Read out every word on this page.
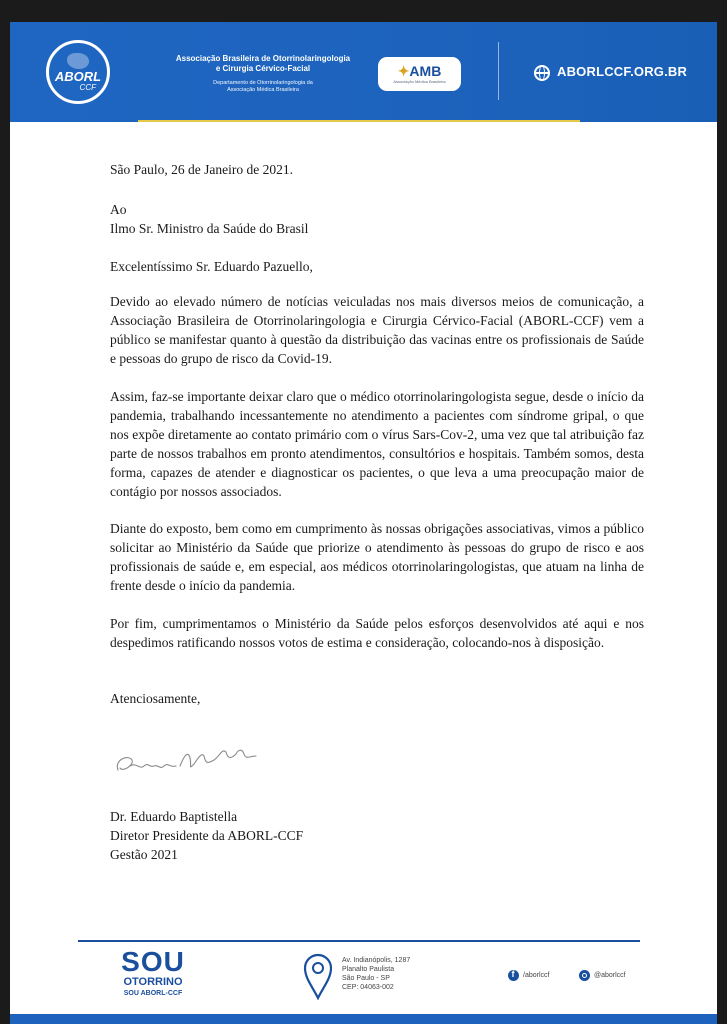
ABORL
CCF
Associação Brasileira de Otorrinolaringologia
e Cirurgia Cérvico-Facial
Departamento de Otorrinolaringologia da
Associação Médica Brasileira
✦AMB
Associação Médica Brasileira
ABORLCCF.ORG.BR
São Paulo, 26 de Janeiro de 2021.
Ao
Ilmo Sr. Ministro da Saúde do Brasil
Excelentíssimo Sr. Eduardo Pazuello,
Devido ao elevado número de notícias veiculadas nos mais diversos meios de comunicação, a Associação Brasileira de Otorrinolaringologia e Cirurgia Cérvico-Facial (ABORL-CCF) vem a público se manifestar quanto à questão da distribuição das vacinas entre os profissionais de Saúde e pessoas do grupo de risco da Covid-19.
Assim, faz-se importante deixar claro que o médico otorrinolaringologista segue, desde o início da pandemia, trabalhando incessantemente no atendimento a pacientes com síndrome gripal, o que nos expõe diretamente ao contato primário com o vírus Sars-Cov-2, uma vez que tal atribuição faz parte de nossos trabalhos em pronto atendimentos, consultórios e hospitais. Também somos, desta forma, capazes de atender e diagnosticar os pacientes, o que leva a uma preocupação maior de contágio por nossos associados.
Diante do exposto, bem como em cumprimento às nossas obrigações associativas, vimos a público solicitar ao Ministério da Saúde que priorize o atendimento às pessoas do grupo de risco e aos profissionais de saúde e, em especial, aos médicos otorrinolaringologistas, que atuam na linha de frente desde o início da pandemia.
Por fim, cumprimentamos o Ministério da Saúde pelos esforços desenvolvidos até aqui e nos despedimos ratificando nossos votos de estima e consideração, colocando-nos à disposição.
Atenciosamente,
Dr. Eduardo Baptistella
Diretor Presidente da ABORL-CCF
Gestão 2021
SOU
OTORRINO
SOU ABORL-CCF
Av. Indianópolis, 1287
Planalto Paulista
São Paulo - SP
CEP: 04063-002
f
/aborlccf	@aborlccf
